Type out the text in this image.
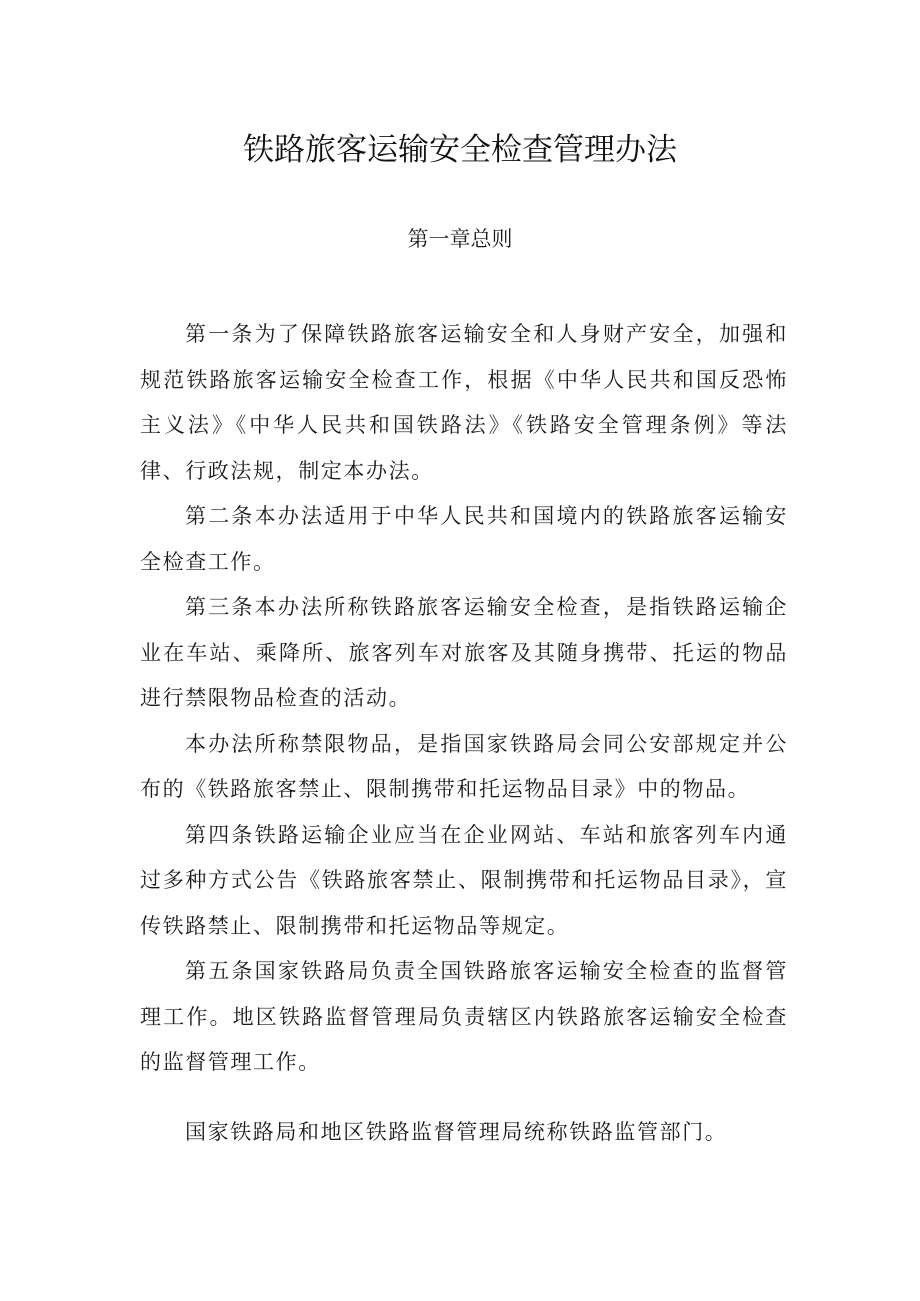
铁路旅客运输安全检查管理办法
第一章总则

第一条为了保障铁路旅客运输安全和人身财产安全，加强和规范铁路旅客运输安全检查工作，根据《中华人民共和国反恐怖主义法》《中华人民共和国铁路法》《铁路安全管理条例》等法律、行政法规，制定本办法。

第二条本办法适用于中华人民共和国境内的铁路旅客运输安全检查工作。

第三条本办法所称铁路旅客运输安全检查，是指铁路运输企业在车站、乘降所、旅客列车对旅客及其随身携带、托运的物品进行禁限物品检查的活动。

本办法所称禁限物品，是指国家铁路局会同公安部规定并公布的《铁路旅客禁止、限制携带和托运物品目录》中的物品。

第四条铁路运输企业应当在企业网站、车站和旅客列车内通过多种方式公告《铁路旅客禁止、限制携带和托运物品目录》，宣传铁路禁止、限制携带和托运物品等规定。

第五条国家铁路局负责全国铁路旅客运输安全检查的监督管理工作。地区铁路监督管理局负责辖区内铁路旅客运输安全检查的监督管理工作。

国家铁路局和地区铁路监督管理局统称铁路监管部门。
